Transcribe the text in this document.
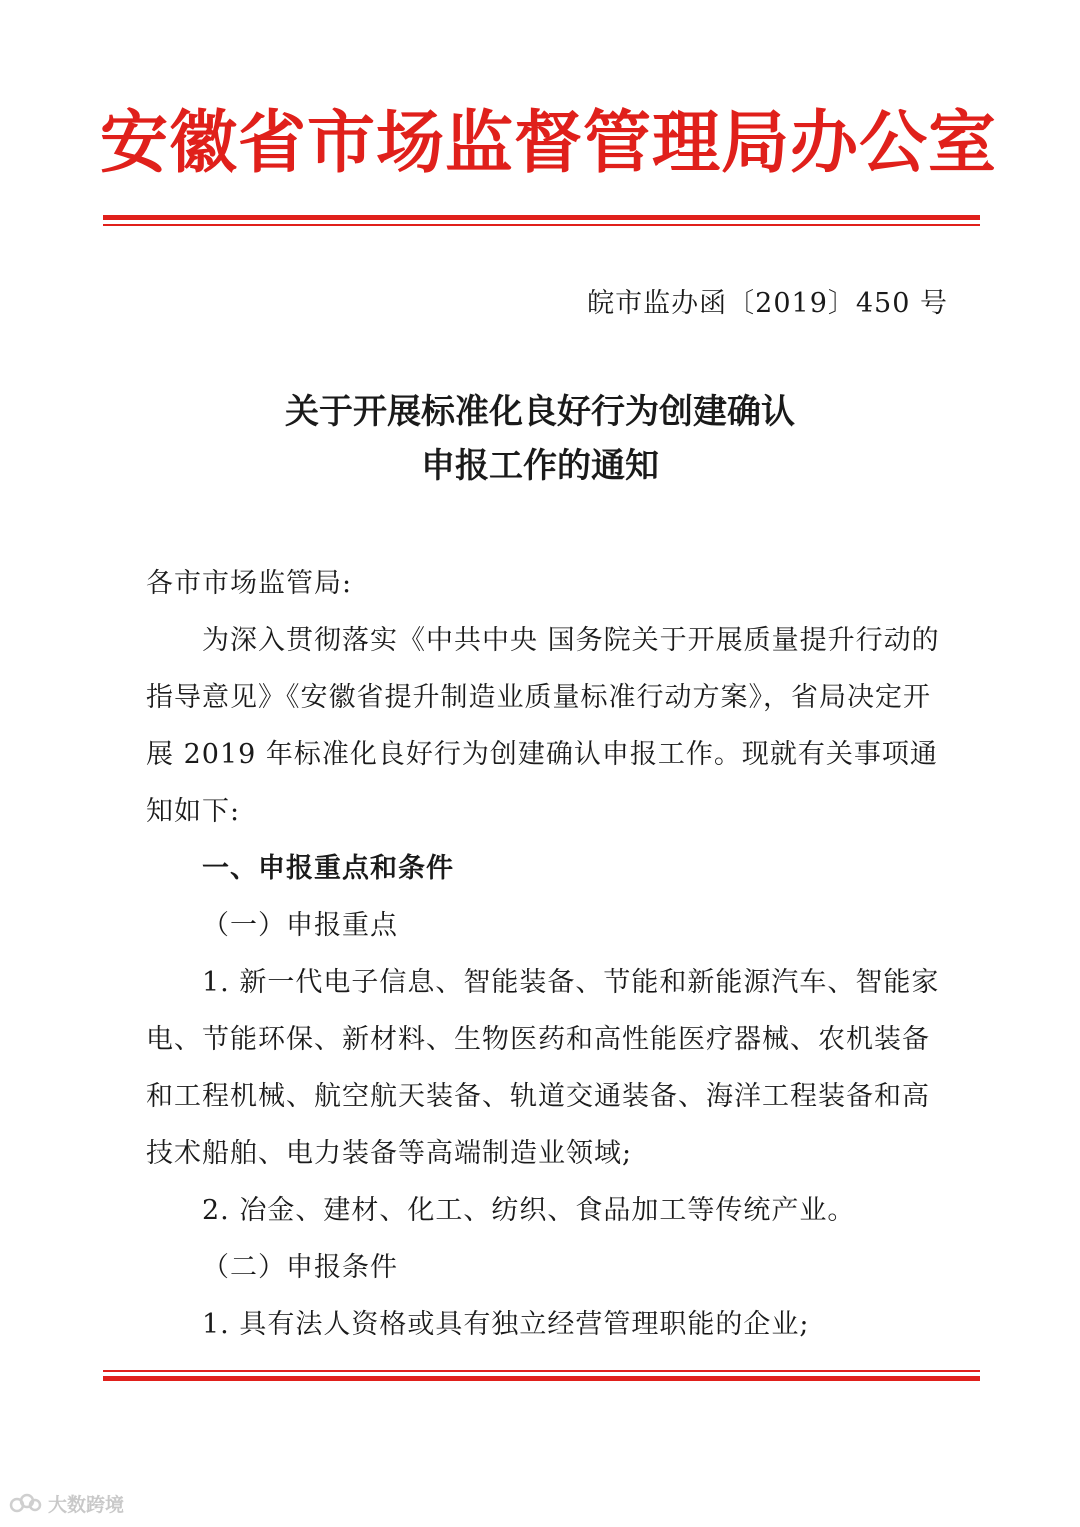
安徽省市场监督管理局办公室
皖市监办函〔2019〕450 号
关于开展标准化良好行为创建确认
申报工作的通知

各市市场监管局:

为深入贯彻落实《中共中央 国务院关于开展质量提升行动的指导意见》《安徽省提升制造业质量标准行动方案》，省局决定开展 2019 年标准化良好行为创建确认申报工作。现就有关事项通知如下:

一、申报重点和条件

（一）申报重点

1. 新一代电子信息、智能装备、节能和新能源汽车、智能家电、节能环保、新材料、生物医药和高性能医疗器械、农机装备和工程机械、航空航天装备、轨道交通装备、海洋工程装备和高技术船舶、电力装备等高端制造业领域;

2. 冶金、建材、化工、纺织、食品加工等传统产业。

（二）申报条件

1. 具有法人资格或具有独立经营管理职能的企业;

大数跨境
